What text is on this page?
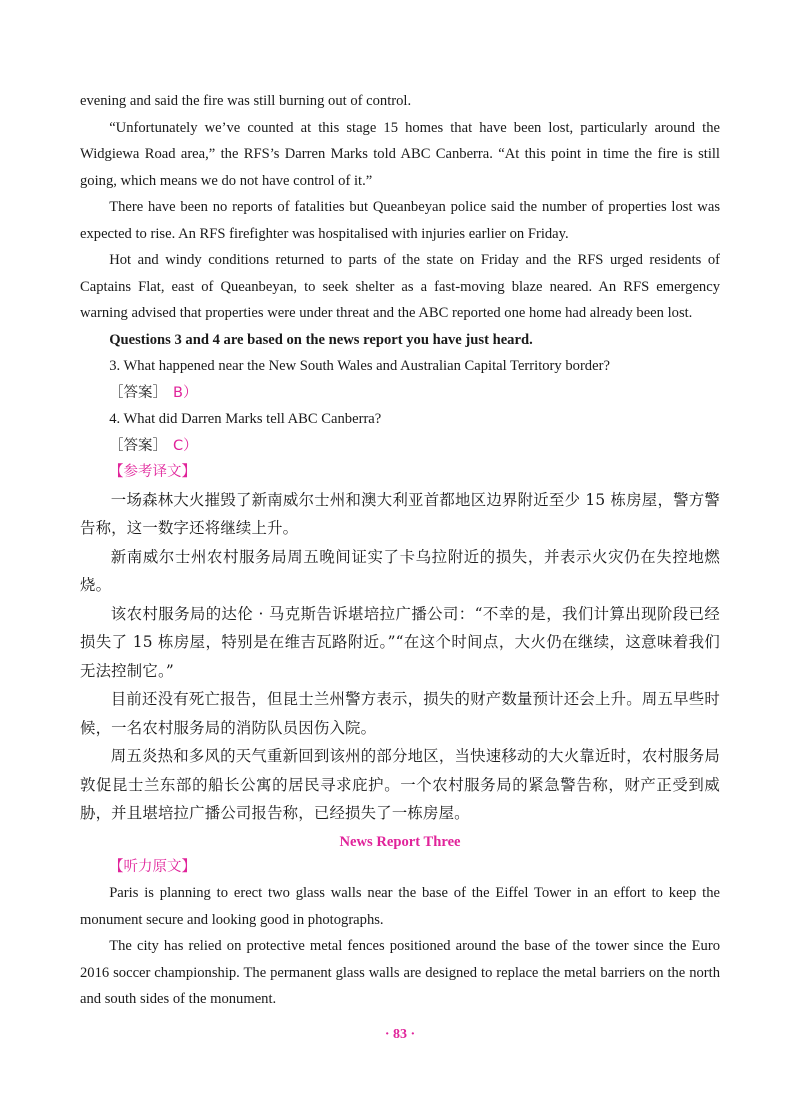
evening and said the fire was still burning out of control.

“Unfortunately we’ve counted at this stage 15 homes that have been lost, particularly around the Widgiewa Road area,” the RFS’s Darren Marks told ABC Canberra. “At this point in time the fire is still going, which means we do not have control of it.”

There have been no reports of fatalities but Queanbeyan police said the number of properties lost was expected to rise. An RFS firefighter was hospitalised with injuries earlier on Friday.

Hot and windy conditions returned to parts of the state on Friday and the RFS urged residents of Captains Flat, east of Queanbeyan, to seek shelter as a fast-moving blaze neared. An RFS emergency warning advised that properties were under threat and the ABC reported one home had already been lost.

Questions 3 and 4 are based on the news report you have just heard.

3. What happened near the New South Wales and Australian Capital Territory border?

［答案］ B）

4. What did Darren Marks tell ABC Canberra?

［答案］ C）

【参考译文】

一场森林大火摧毁了新南威尔士州和澳大利亚首都地区边界附近至少 15 栋房屋，警方警告称，这一数字还将继续上升。

新南威尔士州农村服务局周五晚间证实了卡乌拉附近的损失，并表示火灾仍在失控地燃烧。

该农村服务局的达伦 · 马克斯告诉堪培拉广播公司：“不幸的是，我们计算出现阶段已经损失了 15 栋房屋，特别是在维吉瓦路附近。”“在这个时间点，大火仍在继续，这意味着我们无法控制它。”

目前还没有死亡报告，但昆士兰州警方表示，损失的财产数量预计还会上升。周五早些时候，一名农村服务局的消防队员因伤入院。

周五炎热和多风的天气重新回到该州的部分地区，当快速移动的大火靠近时，农村服务局敦促昆士兰东部的船长公寓的居民寻求庇护。一个农村服务局的紧急警告称，财产正受到威胁，并且堪培拉广播公司报告称，已经损失了一栋房屋。

News Report Three

【听力原文】

Paris is planning to erect two glass walls near the base of the Eiffel Tower in an effort to keep the monument secure and looking good in photographs.

The city has relied on protective metal fences positioned around the base of the tower since the Euro 2016 soccer championship. The permanent glass walls are designed to replace the metal barriers on the north and south sides of the monument.

· 83 ·
